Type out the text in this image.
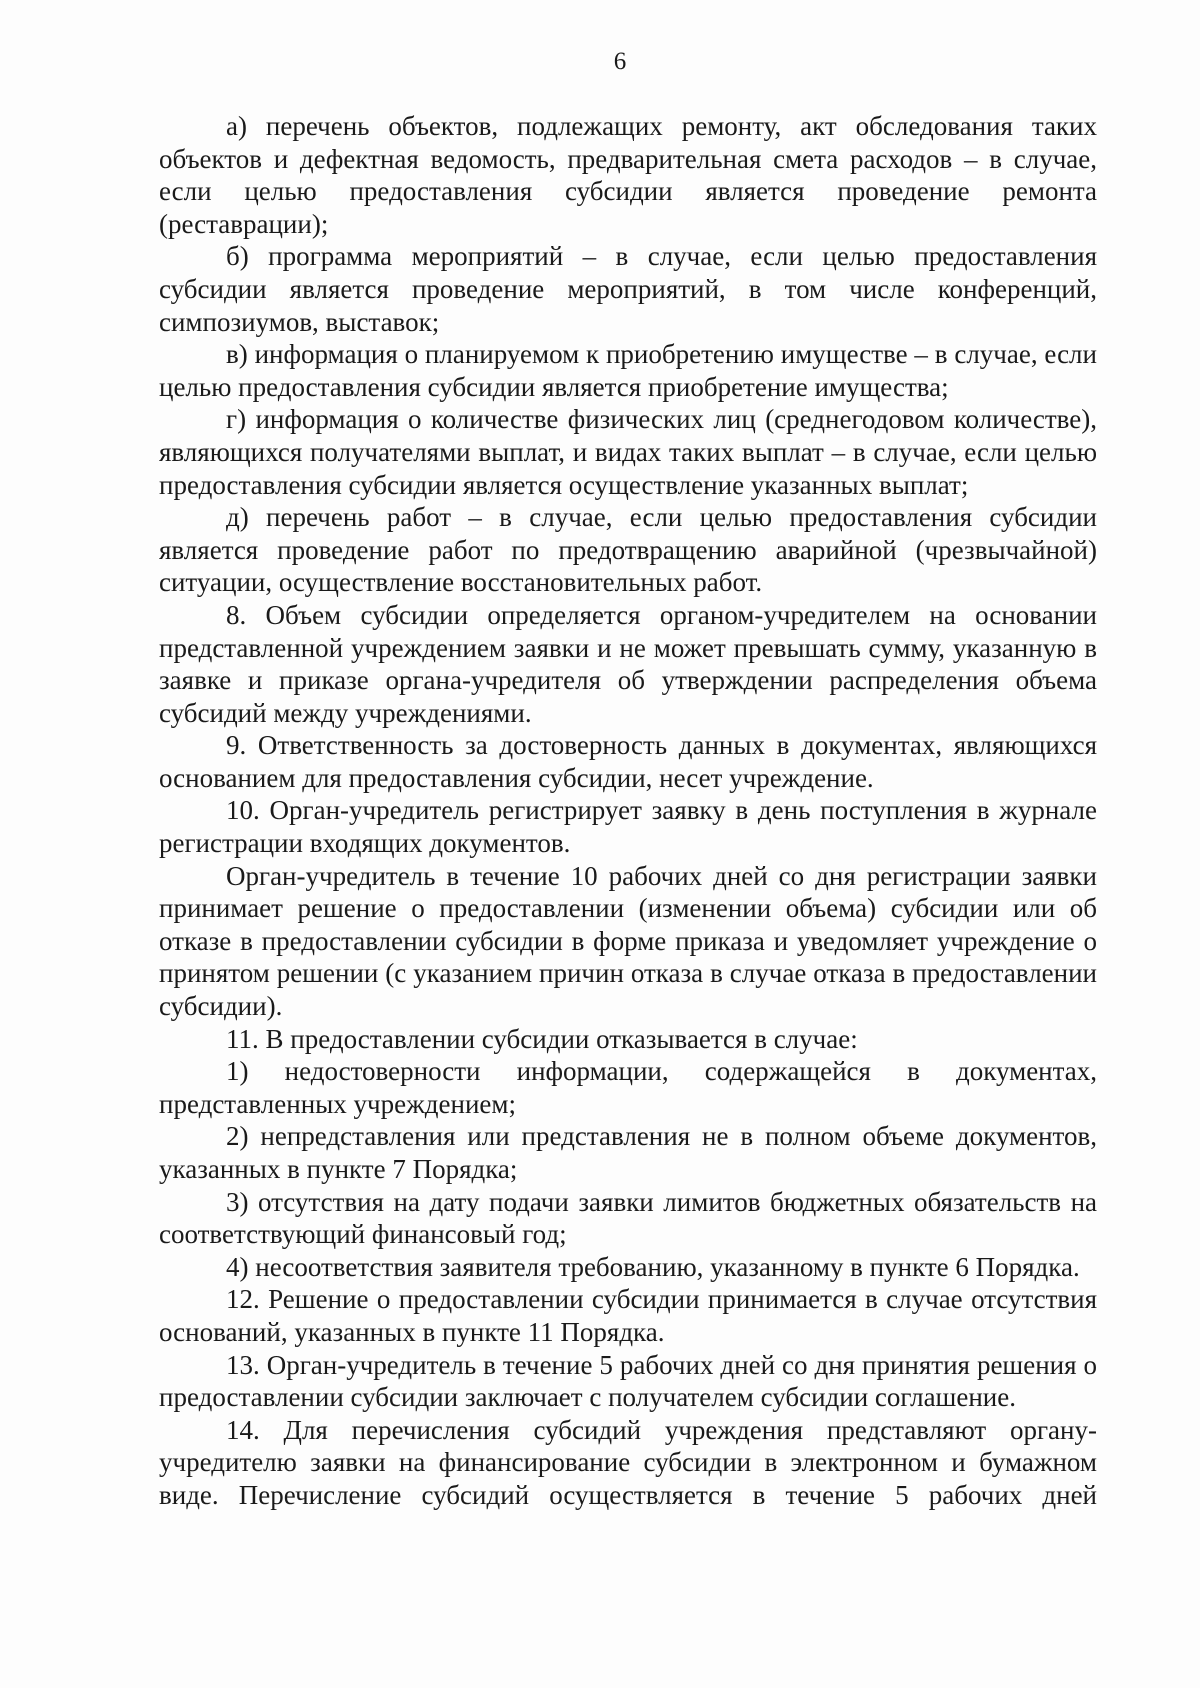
6

а) перечень объектов, подлежащих ремонту, акт обследования таких объектов и дефектная ведомость, предварительная смета расходов – в случае, если целью предоставления субсидии является проведение ремонта (реставрации);

б) программа мероприятий – в случае, если целью предоставления субсидии является проведение мероприятий, в том числе конференций, симпозиумов, выставок;

в) информация о планируемом к приобретению имуществе – в случае, если целью предоставления субсидии является приобретение имущества;

г) информация о количестве физических лиц (среднегодовом количестве), являющихся получателями выплат, и видах таких выплат – в случае, если целью предоставления субсидии является осуществление указанных выплат;

д) перечень работ – в случае, если целью предоставления субсидии является проведение работ по предотвращению аварийной (чрезвычайной) ситуации, осуществление восстановительных работ.

8. Объем субсидии определяется органом-учредителем на основании представленной учреждением заявки и не может превышать сумму, указанную в заявке и приказе органа-учредителя об утверждении распределения объема субсидий между учреждениями.

9. Ответственность за достоверность данных в документах, являющихся основанием для предоставления субсидии, несет учреждение.

10. Орган-учредитель регистрирует заявку в день поступления в журнале регистрации входящих документов.

Орган-учредитель в течение 10 рабочих дней со дня регистрации заявки принимает решение о предоставлении (изменении объема) субсидии или об отказе в предоставлении субсидии в форме приказа и уведомляет учреждение о принятом решении (с указанием причин отказа в случае отказа в предоставлении субсидии).

11. В предоставлении субсидии отказывается в случае:

1) недостоверности информации, содержащейся в документах, представленных учреждением;

2) непредставления или представления не в полном объеме документов, указанных в пункте 7 Порядка;

3) отсутствия на дату подачи заявки лимитов бюджетных обязательств на соответствующий финансовый год;

4) несоответствия заявителя требованию, указанному в пункте 6 Порядка.

12. Решение о предоставлении субсидии принимается в случае отсутствия оснований, указанных в пункте 11 Порядка.

13. Орган-учредитель в течение 5 рабочих дней со дня принятия решения о предоставлении субсидии заключает с получателем субсидии соглашение.

14. Для перечисления субсидий учреждения представляют органу-учредителю заявки на финансирование субсидии в электронном и бумажном виде. Перечисление субсидий осуществляется в течение 5 рабочих дней
